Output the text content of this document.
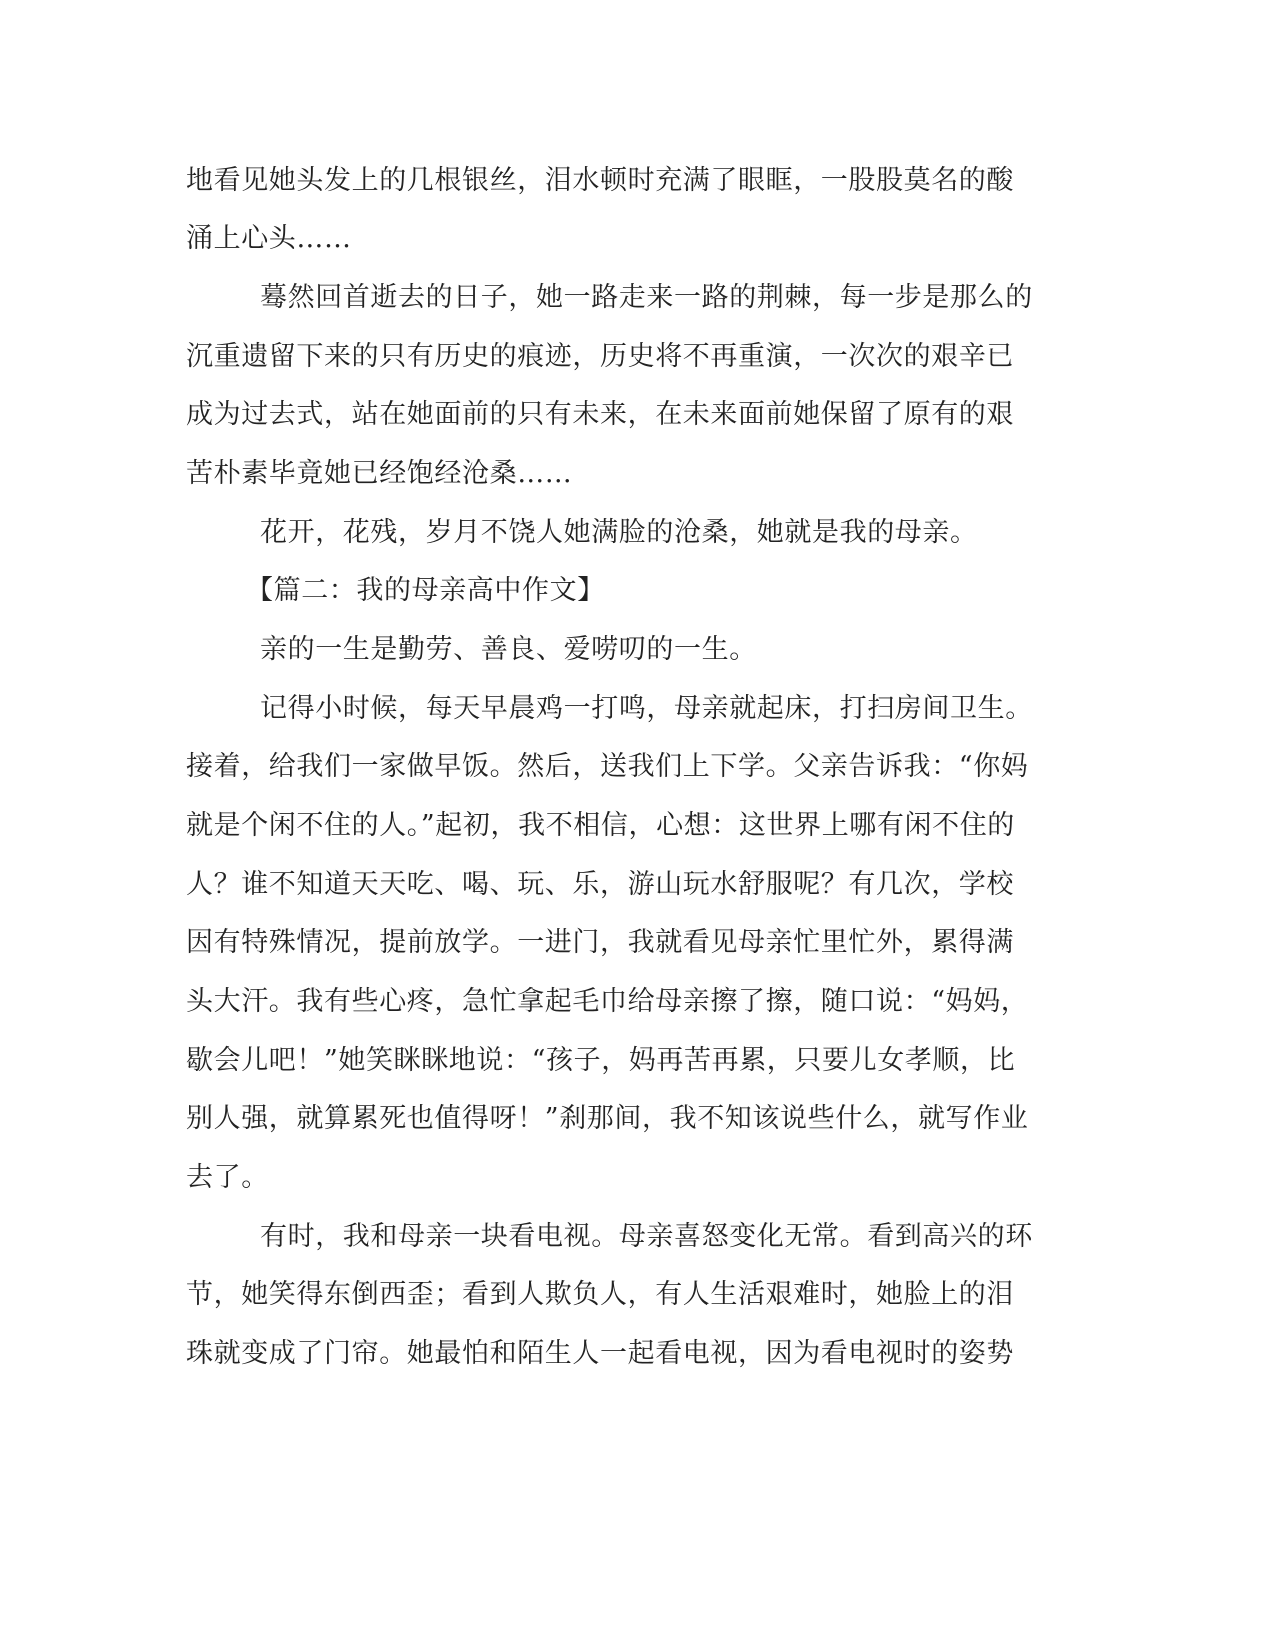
地看见她头发上的几根银丝，泪水顿时充满了眼眶，一股股莫名的酸
涌上心头……
蓦然回首逝去的日子，她一路走来一路的荆棘，每一步是那么的
沉重遗留下来的只有历史的痕迹，历史将不再重演，一次次的艰辛已
成为过去式，站在她面前的只有未来，在未来面前她保留了原有的艰
苦朴素毕竟她已经饱经沧桑……
花开，花残，岁月不饶人她满脸的沧桑，她就是我的母亲。
【篇二：我的母亲高中作文】
亲的一生是勤劳、善良、爱唠叨的一生。
记得小时候，每天早晨鸡一打鸣，母亲就起床，打扫房间卫生。
接着，给我们一家做早饭。然后，送我们上下学。父亲告诉我：“你妈
就是个闲不住的人。”起初，我不相信，心想：这世界上哪有闲不住的
人？谁不知道天天吃、喝、玩、乐，游山玩水舒服呢？有几次，学校
因有特殊情况，提前放学。一进门，我就看见母亲忙里忙外，累得满
头大汗。我有些心疼，急忙拿起毛巾给母亲擦了擦，随口说：“妈妈，
歇会儿吧！”她笑眯眯地说：“孩子，妈再苦再累，只要儿女孝顺，比
别人强，就算累死也值得呀！”刹那间，我不知该说些什么，就写作业
去了。
有时，我和母亲一块看电视。母亲喜怒变化无常。看到高兴的环
节，她笑得东倒西歪；看到人欺负人，有人生活艰难时，她脸上的泪
珠就变成了门帘。她最怕和陌生人一起看电视，因为看电视时的姿势
